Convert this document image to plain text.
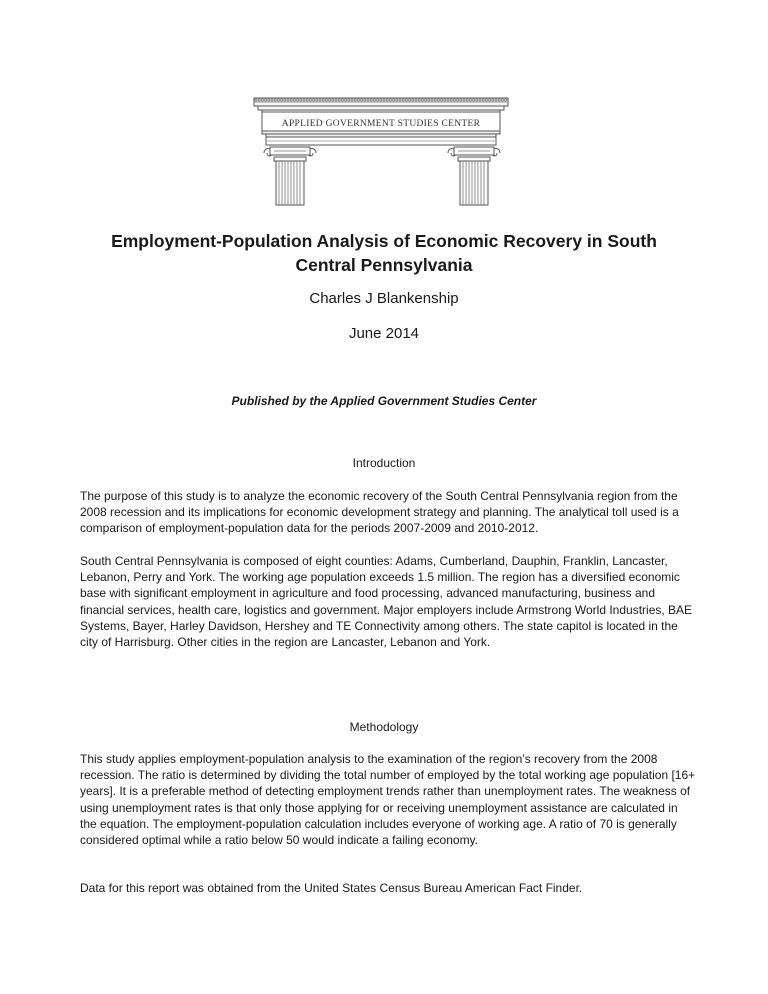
APPLIED GOVERNMENT STUDIES CENTER
Employment-Population Analysis of Economic Recovery in South Central Pennsylvania
Charles J Blankenship
June 2014
Published by the Applied Government Studies Center
Introduction

The purpose of this study is to analyze the economic recovery of the South Central Pennsylvania region from the 2008 recession and its implications for economic development strategy and planning. The analytical toll used is a comparison of employment-population data for the periods 2007-2009 and 2010-2012.

South Central Pennsylvania is composed of eight counties: Adams, Cumberland, Dauphin, Franklin, Lancaster, Lebanon, Perry and York. The working age population exceeds 1.5 million. The region has a diversified economic base with significant employment in agriculture and food processing, advanced manufacturing, business and financial services, health care, logistics and government. Major employers include Armstrong World Industries, BAE Systems, Bayer, Harley Davidson, Hershey and TE Connectivity among others. The state capitol is located in the city of Harrisburg. Other cities in the region are Lancaster, Lebanon and York.

Methodology

This study applies employment-population analysis to the examination of the region’s recovery from the 2008 recession. The ratio is determined by dividing the total number of employed by the total working age population [16+ years]. It is a preferable method of detecting employment trends rather than unemployment rates. The weakness of using unemployment rates is that only those applying for or receiving unemployment assistance are calculated in the equation. The employment-population calculation includes everyone of working age. A ratio of 70 is generally considered optimal while a ratio below 50 would indicate a failing economy.

Data for this report was obtained from the United States Census Bureau American Fact Finder.
